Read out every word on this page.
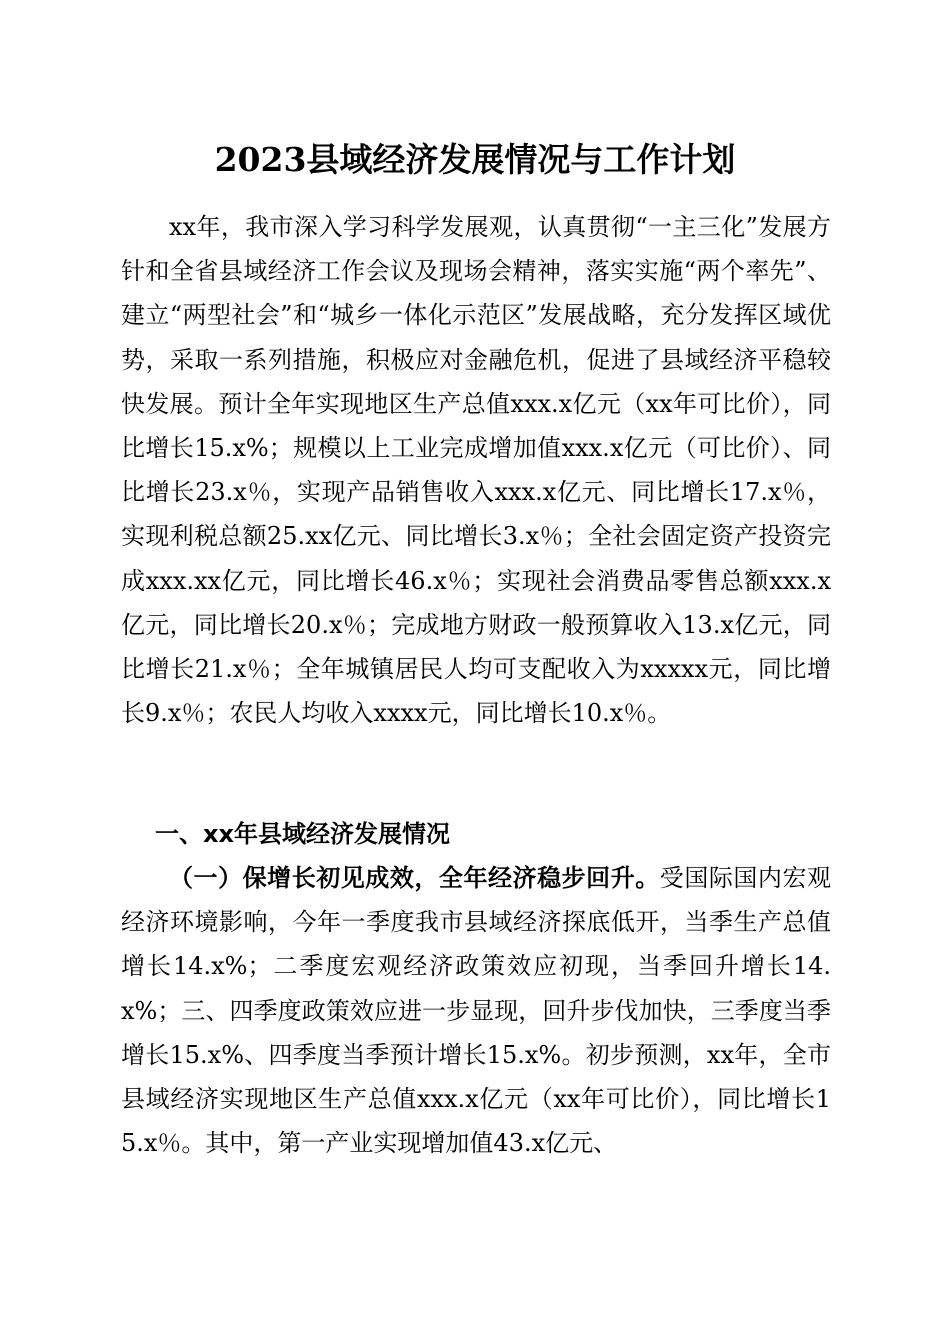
2023县域经济发展情况与工作计划

xx年，我市深入学习科学发展观，认真贯彻“一主三化”发展方针和全省县域经济工作会议及现场会精神，落实实施“两个率先”、建立“两型社会”和“城乡一体化示范区”发展战略，充分发挥区域优势，采取一系列措施，积极应对金融危机，促进了县域经济平稳较快发展。预计全年实现地区生产总值xxx.x亿元（xx年可比价），同比增长15.x%；规模以上工业完成增加值xxx.x亿元（可比价）、同比增长23.x％，实现产品销售收入xxx.x亿元、同比增长17.x％，实现利税总额25.xx亿元、同比增长3.x％；全社会固定资产投资完成xxx.xx亿元，同比增长46.x％；实现社会消费品零售总额xxx.x亿元，同比增长20.x％；完成地方财政一般预算收入13.x亿元，同比增长21.x％；全年城镇居民人均可支配收入为xxxxx元，同比增长9.x％；农民人均收入xxxx元，同比增长10.x％。

一、xx年县域经济发展情况

（一）保增长初见成效，全年经济稳步回升。受国际国内宏观经济环境影响，今年一季度我市县域经济探底低开，当季生产总值增长14.x%；二季度宏观经济政策效应初现，当季回升增长14.x%；三、四季度政策效应进一步显现，回升步伐加快，三季度当季增长15.x%、四季度当季预计增长15.x%。初步预测，xx年，全市县域经济实现地区生产总值xxx.x亿元（xx年可比价），同比增长15.x％。其中，第一产业实现增加值43.x亿元、
